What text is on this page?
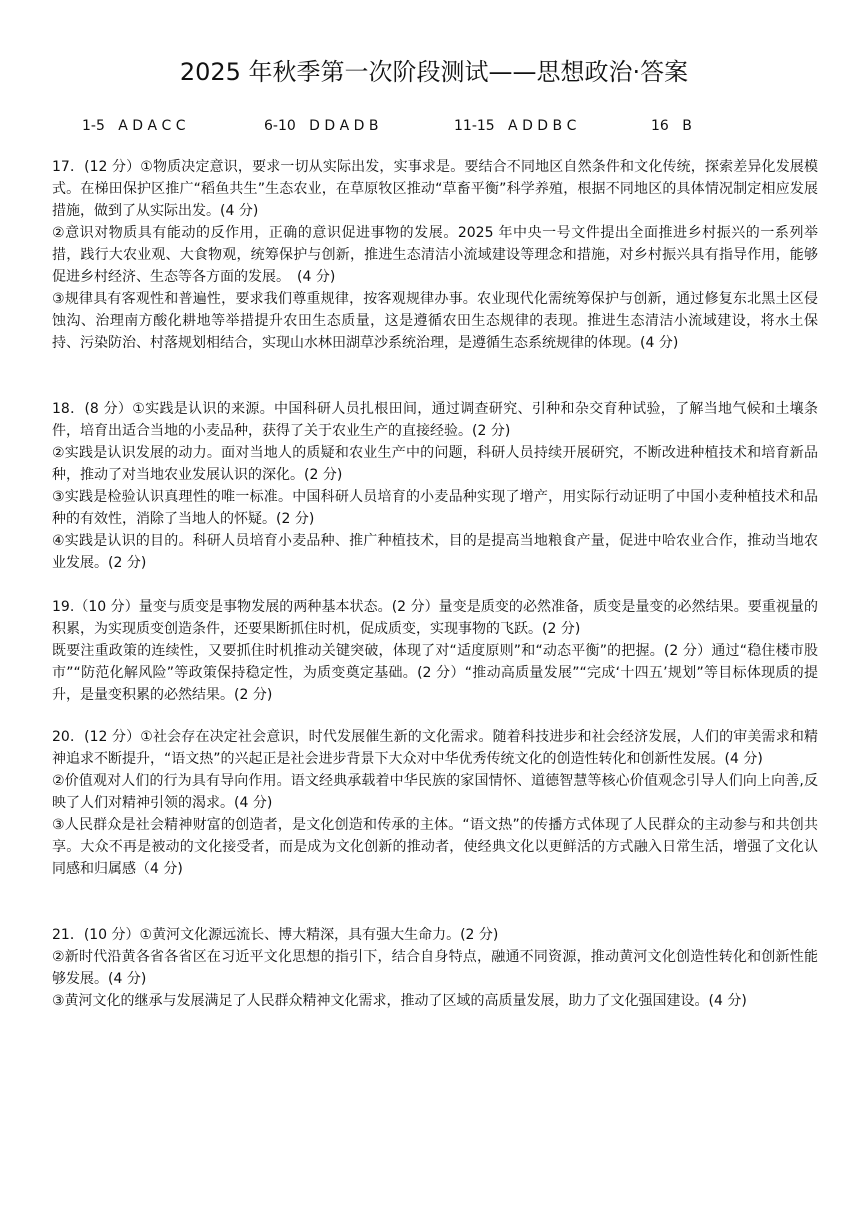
2025 年秋季第一次阶段测试——思想政治·答案
1-5 A D A C C	6-10 D D A D B	11-15 A D D B C	16 B

17．(12 分）①物质决定意识，要求一切从实际出发，实事求是。要结合不同地区自然条件和文化传统，探索差异化发展模式。在梯田保护区推广“稻鱼共生”生态农业，在草原牧区推动“草畜平衡”科学养殖，根据不同地区的具体情况制定相应发展措施，做到了从实际出发。(4 分)

②意识对物质具有能动的反作用，正确的意识促进事物的发展。2025 年中央一号文件提出全面推进乡村振兴的一系列举措，践行大农业观、大食物观，统筹保护与创新，推进生态清洁小流域建设等理念和措施，对乡村振兴具有指导作用，能够促进乡村经济、生态等各方面的发展。　(4 分)

③规律具有客观性和普遍性，要求我们尊重规律，按客观规律办事。农业现代化需统筹保护与创新，通过修复东北黑土区侵蚀沟、治理南方酸化耕地等举措提升农田生态质量，这是遵循农田生态规律的表现。推进生态清洁小流域建设，将水土保持、污染防治、村落规划相结合，实现山水林田湖草沙系统治理，是遵循生态系统规律的体现。(4 分)

18．(8 分）①实践是认识的来源。中国科研人员扎根田间，通过调查研究、引种和杂交育种试验，了解当地气候和土壤条件，培育出适合当地的小麦品种，获得了关于农业生产的直接经验。(2 分)

②实践是认识发展的动力。面对当地人的质疑和农业生产中的问题，科研人员持续开展研究，不断改进种植技术和培育新品种，推动了对当地农业发展认识的深化。(2 分)

③实践是检验认识真理性的唯一标准。中国科研人员培育的小麦品种实现了增产，用实际行动证明了中国小麦种植技术和品种的有效性，消除了当地人的怀疑。(2 分)

④实践是认识的目的。科研人员培育小麦品种、推广种植技术，目的是提高当地粮食产量，促进中哈农业合作，推动当地农业发展。(2 分)

19.（10 分）量变与质变是事物发展的两种基本状态。(2 分）量变是质变的必然准备，质变是量变的必然结果。要重视量的积累，为实现质变创造条件，还要果断抓住时机，促成质变，实现事物的飞跃。(2 分)

既要注重政策的连续性，又要抓住时机推动关键突破，体现了对“适度原则”和“动态平衡”的把握。(2 分）通过“稳住楼市股市”“防范化解风险”等政策保持稳定性，为质变奠定基础。(2 分）“推动高质量发展”“完成‘十四五’规划”等目标体现质的提升，是量变积累的必然结果。(2 分)

20．(12 分）①社会存在决定社会意识，时代发展催生新的文化需求。随着科技进步和社会经济发展，人们的审美需求和精神追求不断提升，“语文热”的兴起正是社会进步背景下大众对中华优秀传统文化的创造性转化和创新性发展。(4 分)

②价值观对人们的行为具有导向作用。语文经典承载着中华民族的家国情怀、道德智慧等核心价值观念引导人们向上向善,反映了人们对精神引领的渴求。(4 分)

③人民群众是社会精神财富的创造者，是文化创造和传承的主体。“语文热”的传播方式体现了人民群众的主动参与和共创共享。大众不再是被动的文化接受者，而是成为文化创新的推动者，使经典文化以更鲜活的方式融入日常生活，增强了文化认同感和归属感（4 分)

21．(10 分）①黄河文化源远流长、博大精深，具有强大生命力。(2 分)

②新时代沿黄各省各省区在习近平文化思想的指引下，结合自身特点，融通不同资源，推动黄河文化创造性转化和创新性能够发展。(4 分)

③黄河文化的继承与发展满足了人民群众精神文化需求，推动了区域的高质量发展，助力了文化强国建设。(4 分)
